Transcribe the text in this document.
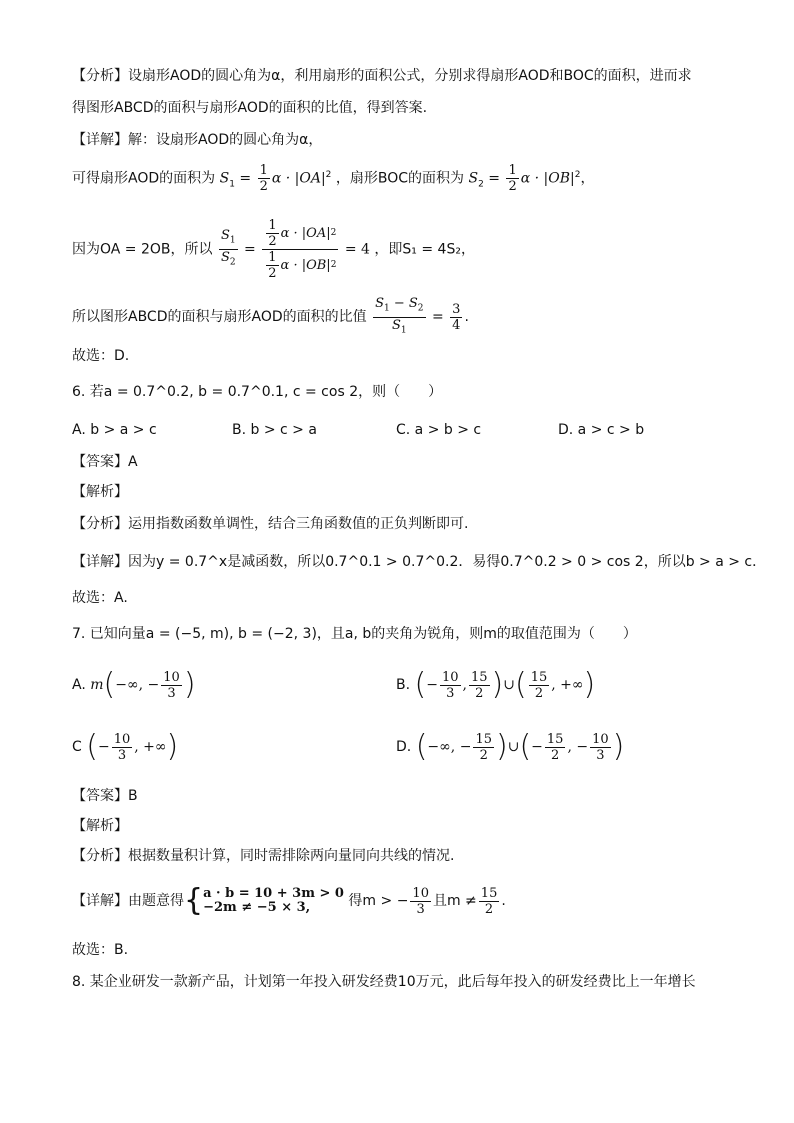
【分析】设扇形AOD的圆心角为α，利用扇形的面积公式，分别求得扇形AOD和BOC的面积，进而求
得图形ABCD的面积与扇形AOD的面积的比值，得到答案.
【详解】解：设扇形AOD的圆心角为α，
可得扇形AOD的面积为 $S_1 = \frac{1}{2}$ $\alpha \cdot |OA|^2$ ，扇形BOC的面积为 $S_2 = \frac{1}{2}$ $\alpha \cdot |OB|^2$，
因为OA = 2OB，所以 $\frac{S_1}{S_2} = \frac{\frac{1}{2} \alpha \cdot |OA| 2}{\frac{1}{2} \alpha \cdot |OB| 2} = 4$ ，即S₁ = 4S₂，
所以图形ABCD的面积与扇形AOD的面积的比值 $\frac{S_1 - S_2}{S_1} = \frac{3}{4}$ .
故选：D.
6. 若a = 0.7^0.2, b = 0.7^0.1, c = cos 2，则（　　）
A. b > a > c	B. b > c > a	C. a > b > c	D. a > c > b
【答案】A
【解析】
【分析】运用指数函数单调性，结合三角函数值的正负判断即可.
【详解】因为y = 0.7^x是减函数，所以0.7^0.1 > 0.7^0.2．易得0.7^0.2 > 0 > cos 2，所以b > a > c．
故选：A.
7. 已知向量a = (−5, m), b = (−2, 3)，且a, b的夹角为锐角，则m的取值范围为（　　）
A. m(−∞, − $\frac{10}{3}$ )	B. (− $\frac{10}{3}$ , $\frac{15}{2}$ )∪( $\frac{15}{2}$ , +∞)
C (− $\frac{10}{3}$ , +∞)	D. (−∞, − $\frac{15}{2}$ )∪(− $\frac{15}{2}$ , − $\frac{10}{3}$ )
【答案】B
【解析】
【分析】根据数量积计算，同时需排除两向量同向共线的情况.
【详解】由题意得{ a · b = 10 + 3m > 0
−2m ≠ −5 × 3,	得m > − $\frac{10}{3}$ 且$m \ne \frac{15}{2}$ .
故选：B.
8. 某企业研发一款新产品，计划第一年投入研发经费10万元，此后每年投入的研发经费比上一年增长
